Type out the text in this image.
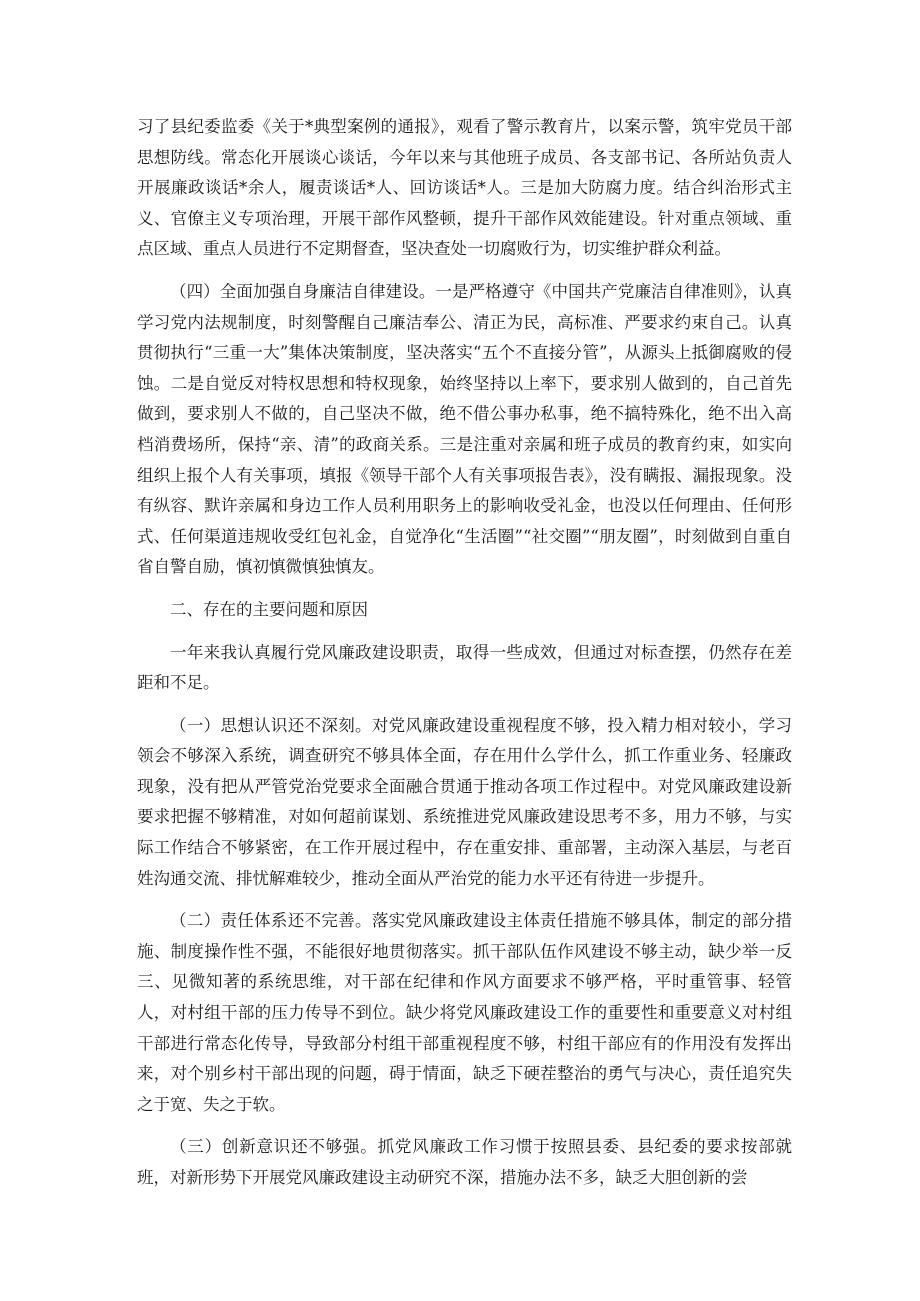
习了县纪委监委《关于*典型案例的通报》，观看了警示教育片，以案示警，筑牢党员干部思想防线。常态化开展谈心谈话，今年以来与其他班子成员、各支部书记、各所站负责人开展廉政谈话*余人，履责谈话*人、回访谈话*人。三是加大防腐力度。结合纠治形式主义、官僚主义专项治理，开展干部作风整顿，提升干部作风效能建设。针对重点领域、重点区域、重点人员进行不定期督查，坚决查处一切腐败行为，切实维护群众利益。

（四）全面加强自身廉洁自律建设。一是严格遵守《中国共产党廉洁自律准则》，认真学习党内法规制度，时刻警醒自己廉洁奉公、清正为民，高标准、严要求约束自己。认真贯彻执行“三重一大”集体决策制度，坚决落实“五个不直接分管”，从源头上抵御腐败的侵蚀。二是自觉反对特权思想和特权现象，始终坚持以上率下，要求别人做到的，自己首先做到，要求别人不做的，自己坚决不做，绝不借公事办私事，绝不搞特殊化，绝不出入高档消费场所，保持“亲、清”的政商关系。三是注重对亲属和班子成员的教育约束，如实向组织上报个人有关事项，填报《领导干部个人有关事项报告表》，没有瞒报、漏报现象。没有纵容、默许亲属和身边工作人员利用职务上的影响收受礼金，也没以任何理由、任何形式、任何渠道违规收受红包礼金，自觉净化“生活圈”“社交圈”“朋友圈”，时刻做到自重自省自警自励，慎初慎微慎独慎友。

二、存在的主要问题和原因

一年来我认真履行党风廉政建设职责，取得一些成效，但通过对标查摆，仍然存在差距和不足。

（一）思想认识还不深刻。对党风廉政建设重视程度不够，投入精力相对较小，学习领会不够深入系统，调查研究不够具体全面，存在用什么学什么，抓工作重业务、轻廉政现象，没有把从严管党治党要求全面融合贯通于推动各项工作过程中。对党风廉政建设新要求把握不够精准，对如何超前谋划、系统推进党风廉政建设思考不多，用力不够，与实际工作结合不够紧密，在工作开展过程中，存在重安排、重部署，主动深入基层，与老百姓沟通交流、排忧解难较少，推动全面从严治党的能力水平还有待进一步提升。

（二）责任体系还不完善。落实党风廉政建设主体责任措施不够具体，制定的部分措施、制度操作性不强，不能很好地贯彻落实。抓干部队伍作风建设不够主动，缺少举一反三、见微知著的系统思维，对干部在纪律和作风方面要求不够严格，平时重管事、轻管人，对村组干部的压力传导不到位。缺少将党风廉政建设工作的重要性和重要意义对村组干部进行常态化传导，导致部分村组干部重视程度不够，村组干部应有的作用没有发挥出来，对个别乡村干部出现的问题，碍于情面，缺乏下硬茬整治的勇气与决心，责任追究失之于宽、失之于软。

（三）创新意识还不够强。抓党风廉政工作习惯于按照县委、县纪委的要求按部就班，对新形势下开展党风廉政建设主动研究不深，措施办法不多，缺乏大胆创新的尝
